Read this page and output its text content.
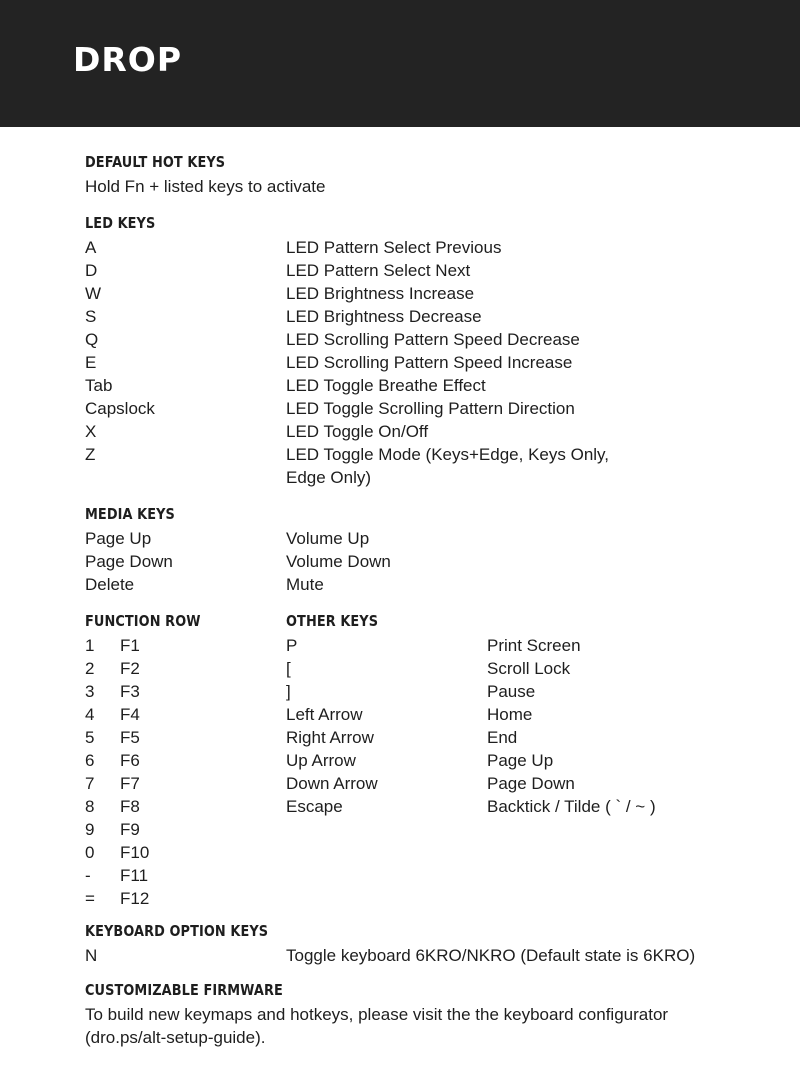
DROP
DEFAULT HOT KEYS
Hold Fn + listed keys to activate
LED KEYS
A	LED Pattern Select Previous
D	LED Pattern Select Next
W	LED Brightness Increase
S	LED Brightness Decrease
Q	LED Scrolling Pattern Speed Decrease
E	LED Scrolling Pattern Speed Increase
Tab	LED Toggle Breathe Effect
Capslock	LED Toggle Scrolling Pattern Direction
X	LED Toggle On/Off
Z	LED Toggle Mode (Keys+Edge, Keys Only, Edge Only)
MEDIA KEYS
Page Up	Volume Up
Page Down	Volume Down
Delete	Mute
FUNCTION ROW
1	F1
2	F2
3	F3
4	F4
5	F5
6	F6
7	F7
8	F8
9	F9
0	F10
-	F11
=	F12
OTHER KEYS
P	Print Screen
[	Scroll Lock
]	Pause
Left Arrow	Home
Right Arrow	End
Up Arrow	Page Up
Down Arrow	Page Down
Escape	Backtick / Tilde ( ` / ~ )
KEYBOARD OPTION KEYS
N	Toggle keyboard 6KRO/NKRO (Default state is 6KRO)
CUSTOMIZABLE FIRMWARE
To build new keymaps and hotkeys, please visit the the keyboard configurator (dro.ps/alt-setup-guide).
